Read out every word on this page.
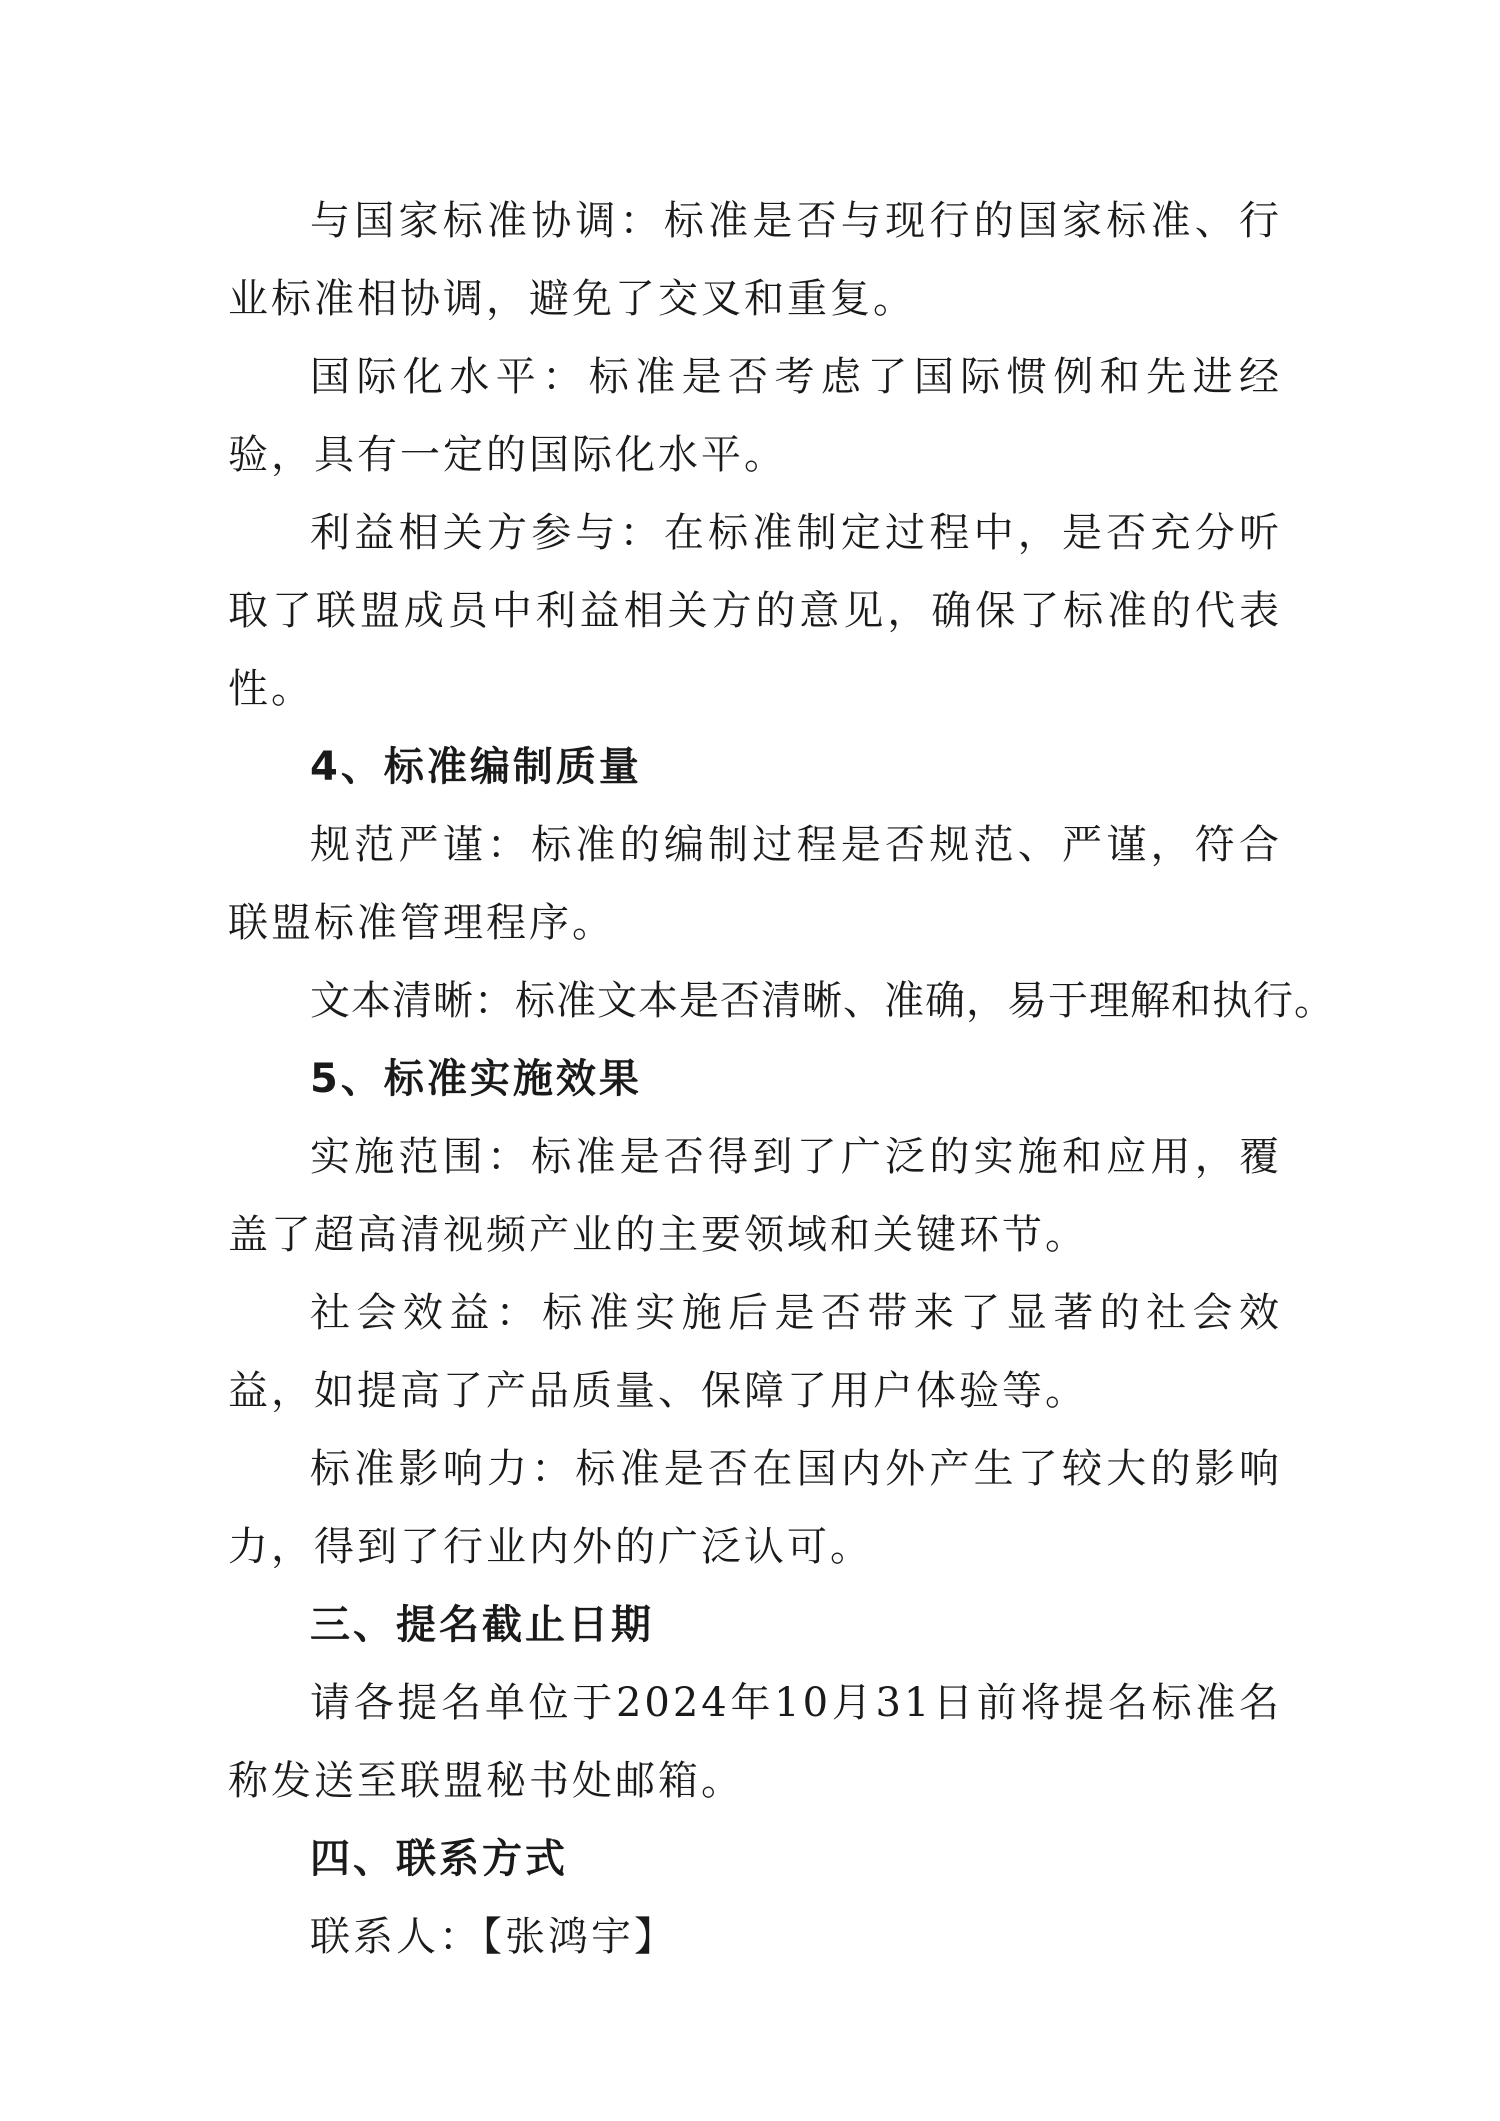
与国家标准协调：标准是否与现行的国家标准、行业标准相协调，避免了交叉和重复。

国际化水平：标准是否考虑了国际惯例和先进经验，具有一定的国际化水平。

利益相关方参与：在标准制定过程中，是否充分听取了联盟成员中利益相关方的意见，确保了标准的代表性。

4、标准编制质量

规范严谨：标准的编制过程是否规范、严谨，符合联盟标准管理程序。

文本清晰：标准文本是否清晰、准确，易于理解和执行。

5、标准实施效果

实施范围：标准是否得到了广泛的实施和应用，覆盖了超高清视频产业的主要领域和关键环节。

社会效益：标准实施后是否带来了显著的社会效益，如提高了产品质量、保障了用户体验等。

标准影响力：标准是否在国内外产生了较大的影响力，得到了行业内外的广泛认可。

三、提名截止日期

请各提名单位于2024年10月31日前将提名标准名称发送至联盟秘书处邮箱。

四、联系方式

联系人：【张鸿宇】
